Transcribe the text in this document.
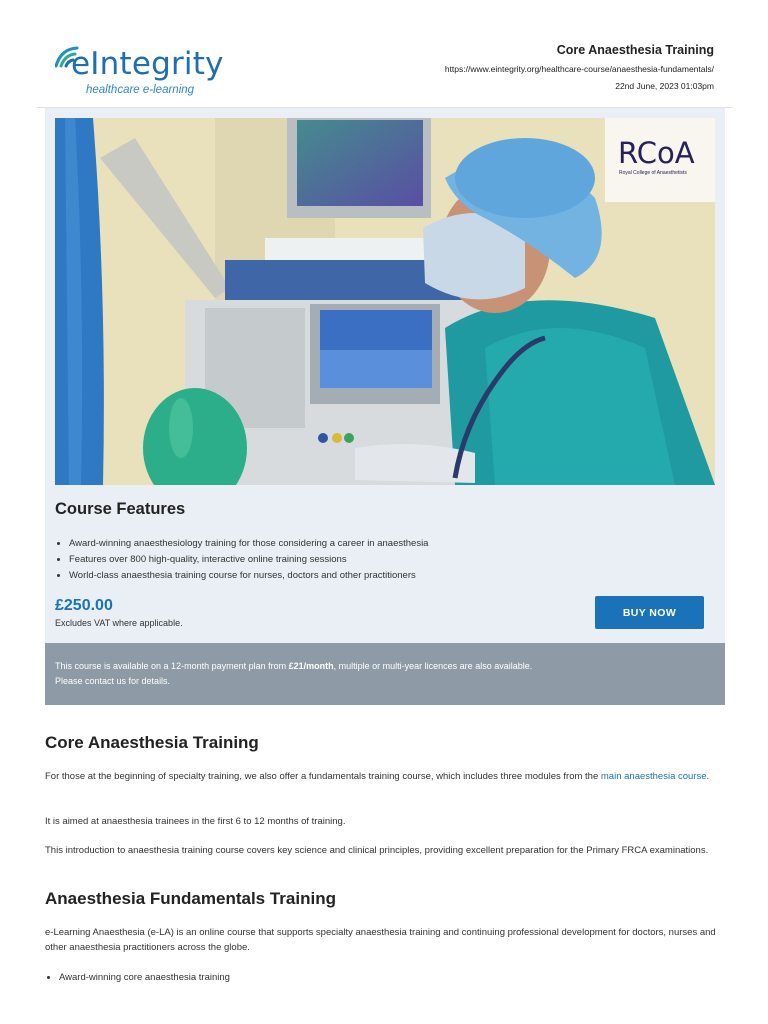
eIntegrity
healthcare e-learning
Core Anaesthesia Training
https://www.eintegrity.org/healthcare-course/anaesthesia-fundamentals/
22nd June, 2023 01:03pm
RCoA
Royal College of Anaesthetists
Course Features
• Award-winning anaesthesiology training for those considering a career in anaesthesia
• Features over 800 high-quality, interactive online training sessions
• World-class anaesthesia training course for nurses, doctors and other practitioners
£250.00
Excludes VAT where applicable.
BUY NOW
This course is available on a 12-month payment plan from £21/month, multiple or multi-year licences are also available.
Please contact us for details.
Core Anaesthesia Training

For those at the beginning of specialty training, we also offer a fundamentals training course, which includes three modules from the main anaesthesia course.

It is aimed at anaesthesia trainees in the first 6 to 12 months of training.

This introduction to anaesthesia training course covers key science and clinical principles, providing excellent preparation for the Primary FRCA examinations.

Anaesthesia Fundamentals Training

e-Learning Anaesthesia (e-LA) is an online course that supports specialty anaesthesia training and continuing professional development for doctors, nurses and other anaesthesia practitioners across the globe.

• Award-winning core anaesthesia training
